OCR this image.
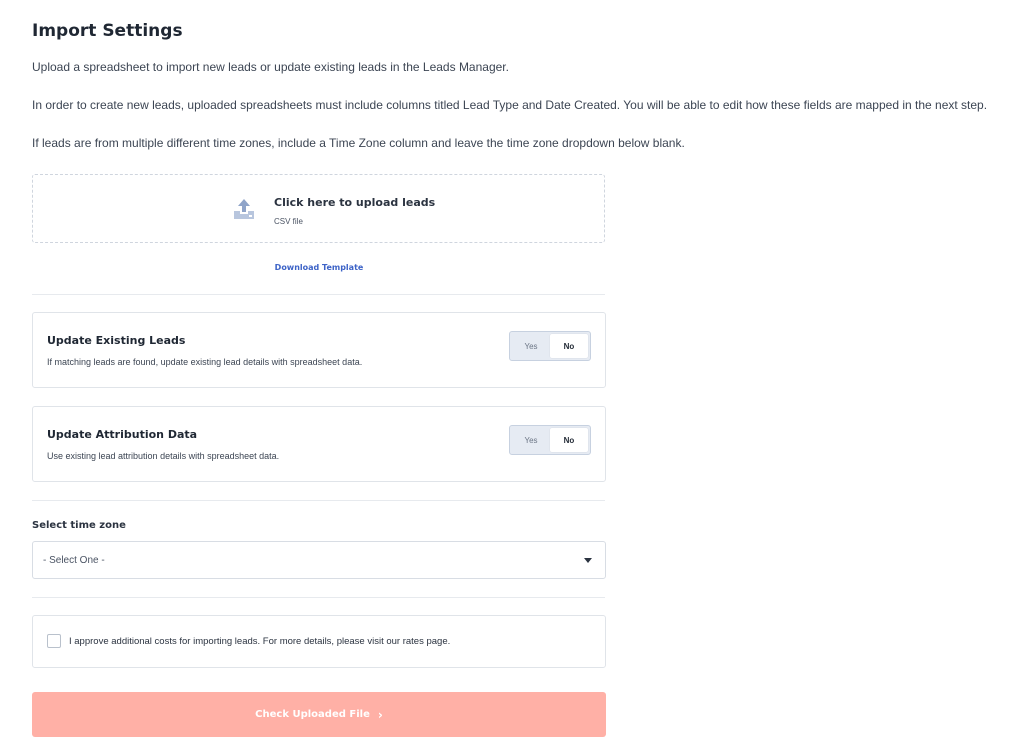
Import Settings

Upload a spreadsheet to import new leads or update existing leads in the Leads Manager.

In order to create new leads, uploaded spreadsheets must include columns titled Lead Type and Date Created. You will be able to edit how these fields are mapped in the next step.

If leads are from multiple different time zones, include a Time Zone column and leave the time zone dropdown below blank.

Click here to upload leads
CSV file
Download Template
Update Existing Leads
If matching leads are found, update existing lead details with spreadsheet data.
Yes	No
Update Attribution Data
Use existing lead attribution details with spreadsheet data.
Yes	No
Select time zone
- Select One -
I approve additional costs for importing leads. For more details, please visit our rates page.
Check Uploaded File ›
